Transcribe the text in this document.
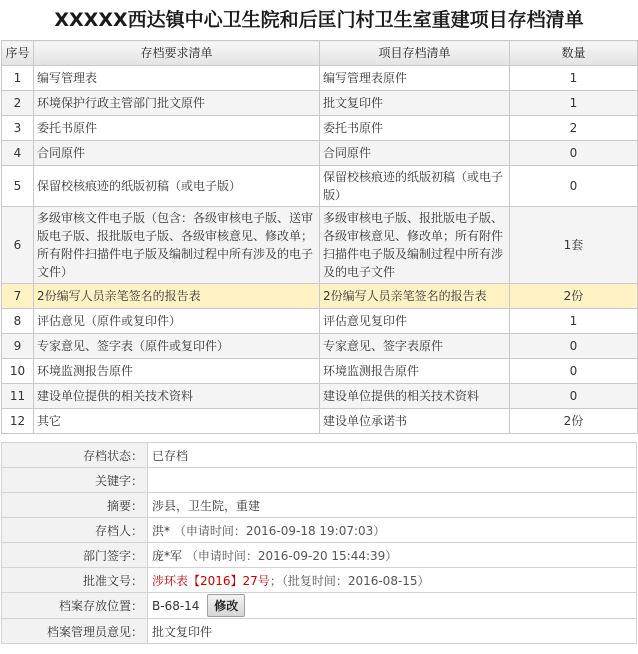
XXXXX西达镇中心卫生院和后匡门村卫生室重建项目存档清单
序号	存档要求清单	项目存档清单	数量
1	编写管理表	编写管理表原件	1
2	环境保护行政主管部门批文原件	批文复印件	1
3	委托书原件	委托书原件	2
4	合同原件	合同原件	0
5	保留校核痕迹的纸版初稿（或电子版）	保留校核痕迹的纸版初稿（或电子版）	0
6	多级审核文件电子版（包含：各级审核电子版、送审版电子版、报批版电子版、各级审核意见、修改单；所有附件扫描件电子版及编制过程中所有涉及的电子文件）	多级审核电子版、报批版电子版、各级审核意见、修改单；所有附件扫描件电子版及编制过程中所有涉及的电子文件	1套
7	2份编写人员亲笔签名的报告表	2份编写人员亲笔签名的报告表	2份
8	评估意见（原件或复印件）	评估意见复印件	1
9	专家意见、签字表（原件或复印件）	专家意见、签字表原件	0
10	环境监测报告原件	环境监测报告原件	0
11	建设单位提供的相关技术资料	建设单位提供的相关技术资料	0
12	其它	建设单位承诺书	2份
存档状态：	已存档
关键字：	
摘要：	涉县，卫生院，重建
存档人：	洪* （申请时间：2016-09-18 19:07:03）
部门签字：	庞*军 （申请时间：2016-09-20 15:44:39）
批准文号：	涉环表【2016】27号；（批复时间：2016-08-15）
档案存放位置：	B-68-14 修改
档案管理员意见：	批文复印件
